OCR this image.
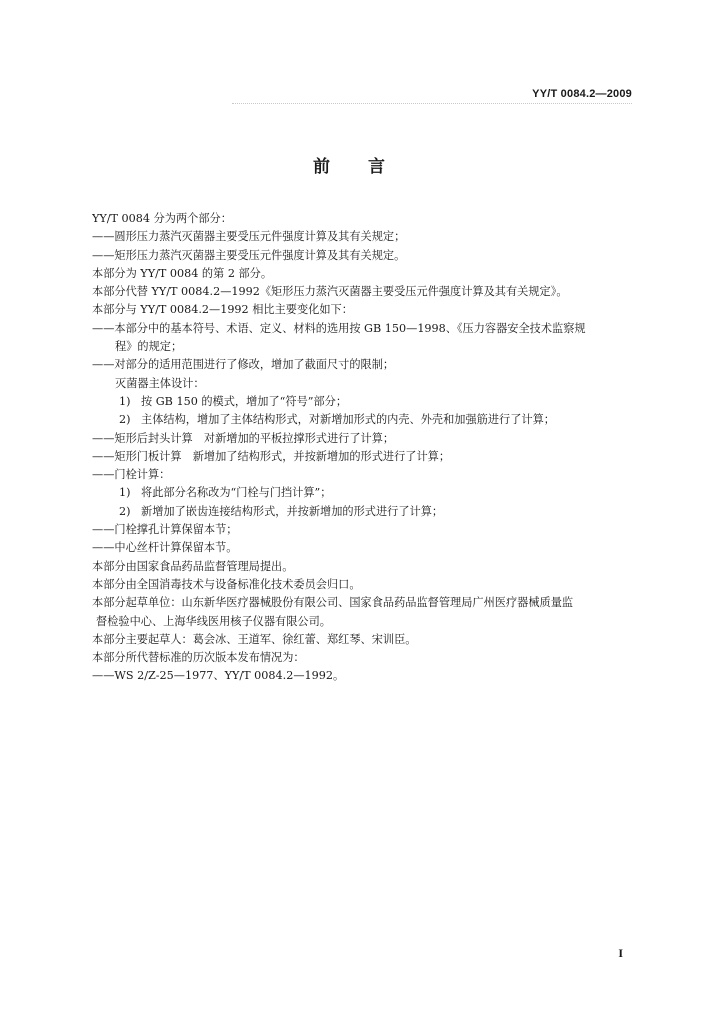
YY/T 0084.2—2009
前言
YY/T 0084 分为两个部分：
——圆形压力蒸汽灭菌器主要受压元件强度计算及其有关规定；
——矩形压力蒸汽灭菌器主要受压元件强度计算及其有关规定。
本部分为 YY/T 0084 的第 2 部分。
本部分代替 YY/T 0084.2—1992《矩形压力蒸汽灭菌器主要受压元件强度计算及其有关规定》。
本部分与 YY/T 0084.2—1992 相比主要变化如下：
——本部分中的基本符号、术语、定义、材料的选用按 GB 150—1998、《压力容器安全技术监察规
程》的规定；
——对部分的适用范围进行了修改，增加了截面尺寸的限制；
灭菌器主体设计：
1) 按 GB 150 的模式，增加了“符号”部分；
2) 主体结构，增加了主体结构形式，对新增加形式的内壳、外壳和加强筋进行了计算；
——矩形后封头计算　对新增加的平板拉撑形式进行了计算；
——矩形门板计算　新增加了结构形式，并按新增加的形式进行了计算；
——门栓计算：
1) 将此部分名称改为“门栓与门挡计算”；
2) 新增加了嵌齿连接结构形式，并按新增加的形式进行了计算；
——门栓撑孔计算保留本节；
——中心丝杆计算保留本节。
本部分由国家食品药品监督管理局提出。
本部分由全国消毒技术与设备标准化技术委员会归口。
本部分起草单位：山东新华医疗器械股份有限公司、国家食品药品监督管理局广州医疗器械质量监
督检验中心、上海华线医用核子仪器有限公司。
本部分主要起草人：葛会冰、王道军、徐红蕾、郑红琴、宋训臣。
本部分所代替标准的历次版本发布情况为：
——WS 2/Z-25—1977、YY/T 0084.2—1992。
I
